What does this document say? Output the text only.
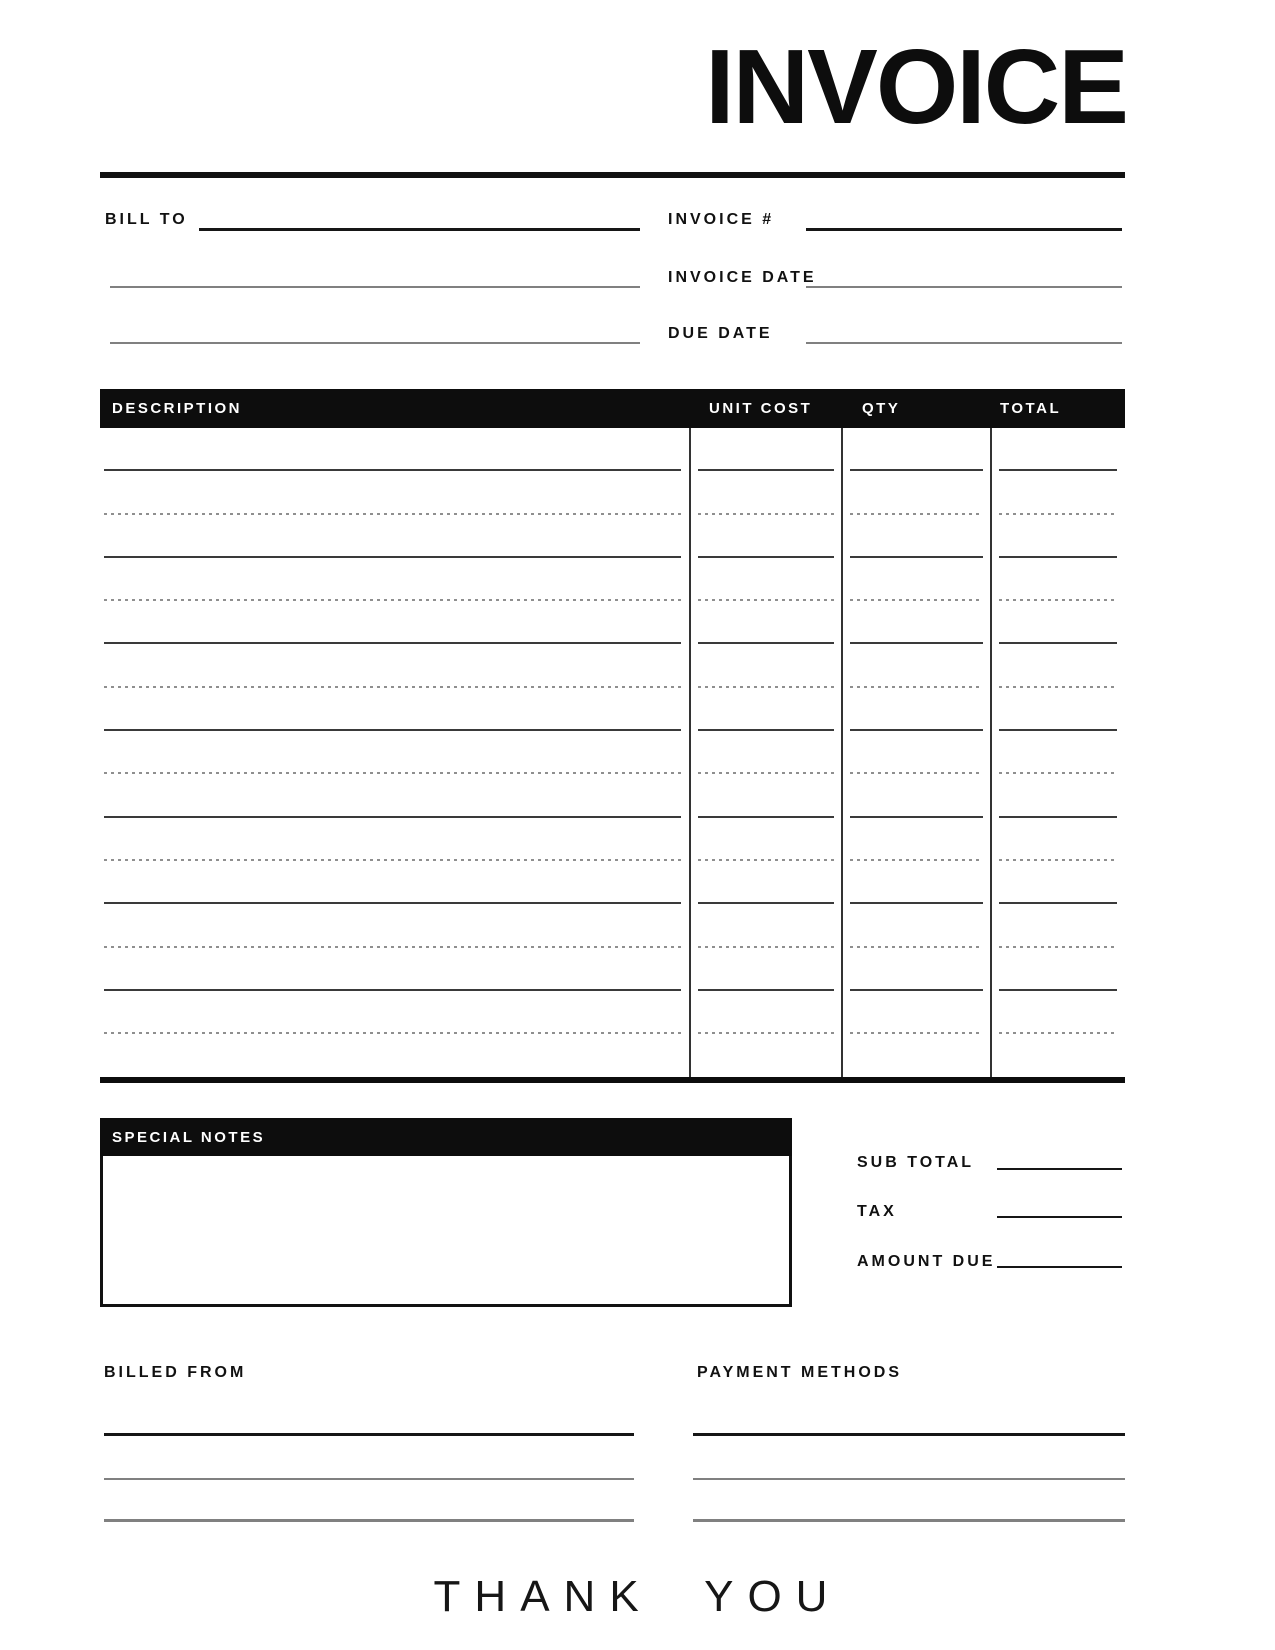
INVOICE
BILL TO	INVOICE #
INVOICE DATE
DUE DATE
DESCRIPTION	UNIT COST	QTY	TOTAL
SPECIAL NOTES
SUB TOTAL
TAX
AMOUNT DUE
BILLED FROM	PAYMENT METHODS
THANK YOU
